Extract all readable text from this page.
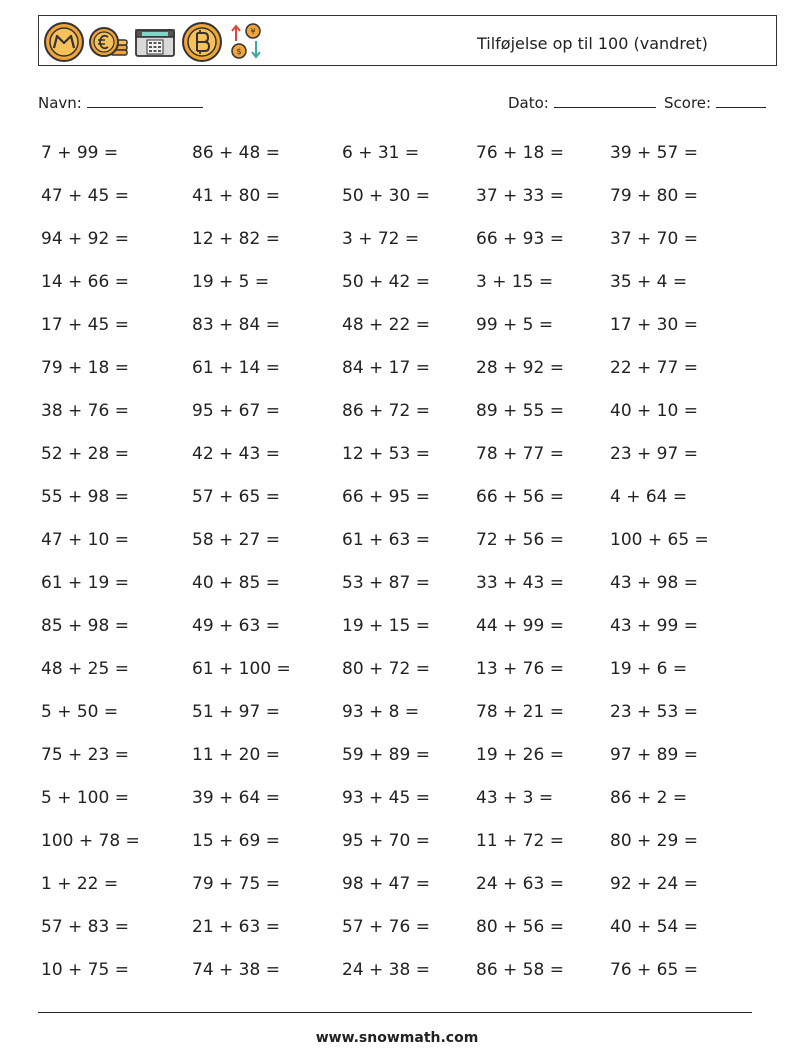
¥
$	Tilføjelse op til 100 (vandret)
Navn:	Dato:	Score:
7 + 99 =	86 + 48 =	6 + 31 =	76 + 18 =	39 + 57 =
47 + 45 =	41 + 80 =	50 + 30 =	37 + 33 =	79 + 80 =
94 + 92 =	12 + 82 =	3 + 72 =	66 + 93 =	37 + 70 =
14 + 66 =	19 + 5 =	50 + 42 =	3 + 15 =	35 + 4 =
17 + 45 =	83 + 84 =	48 + 22 =	99 + 5 =	17 + 30 =
79 + 18 =	61 + 14 =	84 + 17 =	28 + 92 =	22 + 77 =
38 + 76 =	95 + 67 =	86 + 72 =	89 + 55 =	40 + 10 =
52 + 28 =	42 + 43 =	12 + 53 =	78 + 77 =	23 + 97 =
55 + 98 =	57 + 65 =	66 + 95 =	66 + 56 =	4 + 64 =
47 + 10 =	58 + 27 =	61 + 63 =	72 + 56 =	100 + 65 =
61 + 19 =	40 + 85 =	53 + 87 =	33 + 43 =	43 + 98 =
85 + 98 =	49 + 63 =	19 + 15 =	44 + 99 =	43 + 99 =
48 + 25 =	61 + 100 =	80 + 72 =	13 + 76 =	19 + 6 =
5 + 50 =	51 + 97 =	93 + 8 =	78 + 21 =	23 + 53 =
75 + 23 =	11 + 20 =	59 + 89 =	19 + 26 =	97 + 89 =
5 + 100 =	39 + 64 =	93 + 45 =	43 + 3 =	86 + 2 =
100 + 78 =	15 + 69 =	95 + 70 =	11 + 72 =	80 + 29 =
1 + 22 =	79 + 75 =	98 + 47 =	24 + 63 =	92 + 24 =
57 + 83 =	21 + 63 =	57 + 76 =	80 + 56 =	40 + 54 =
10 + 75 =	74 + 38 =	24 + 38 =	86 + 58 =	76 + 65 =
www.snowmath.com
